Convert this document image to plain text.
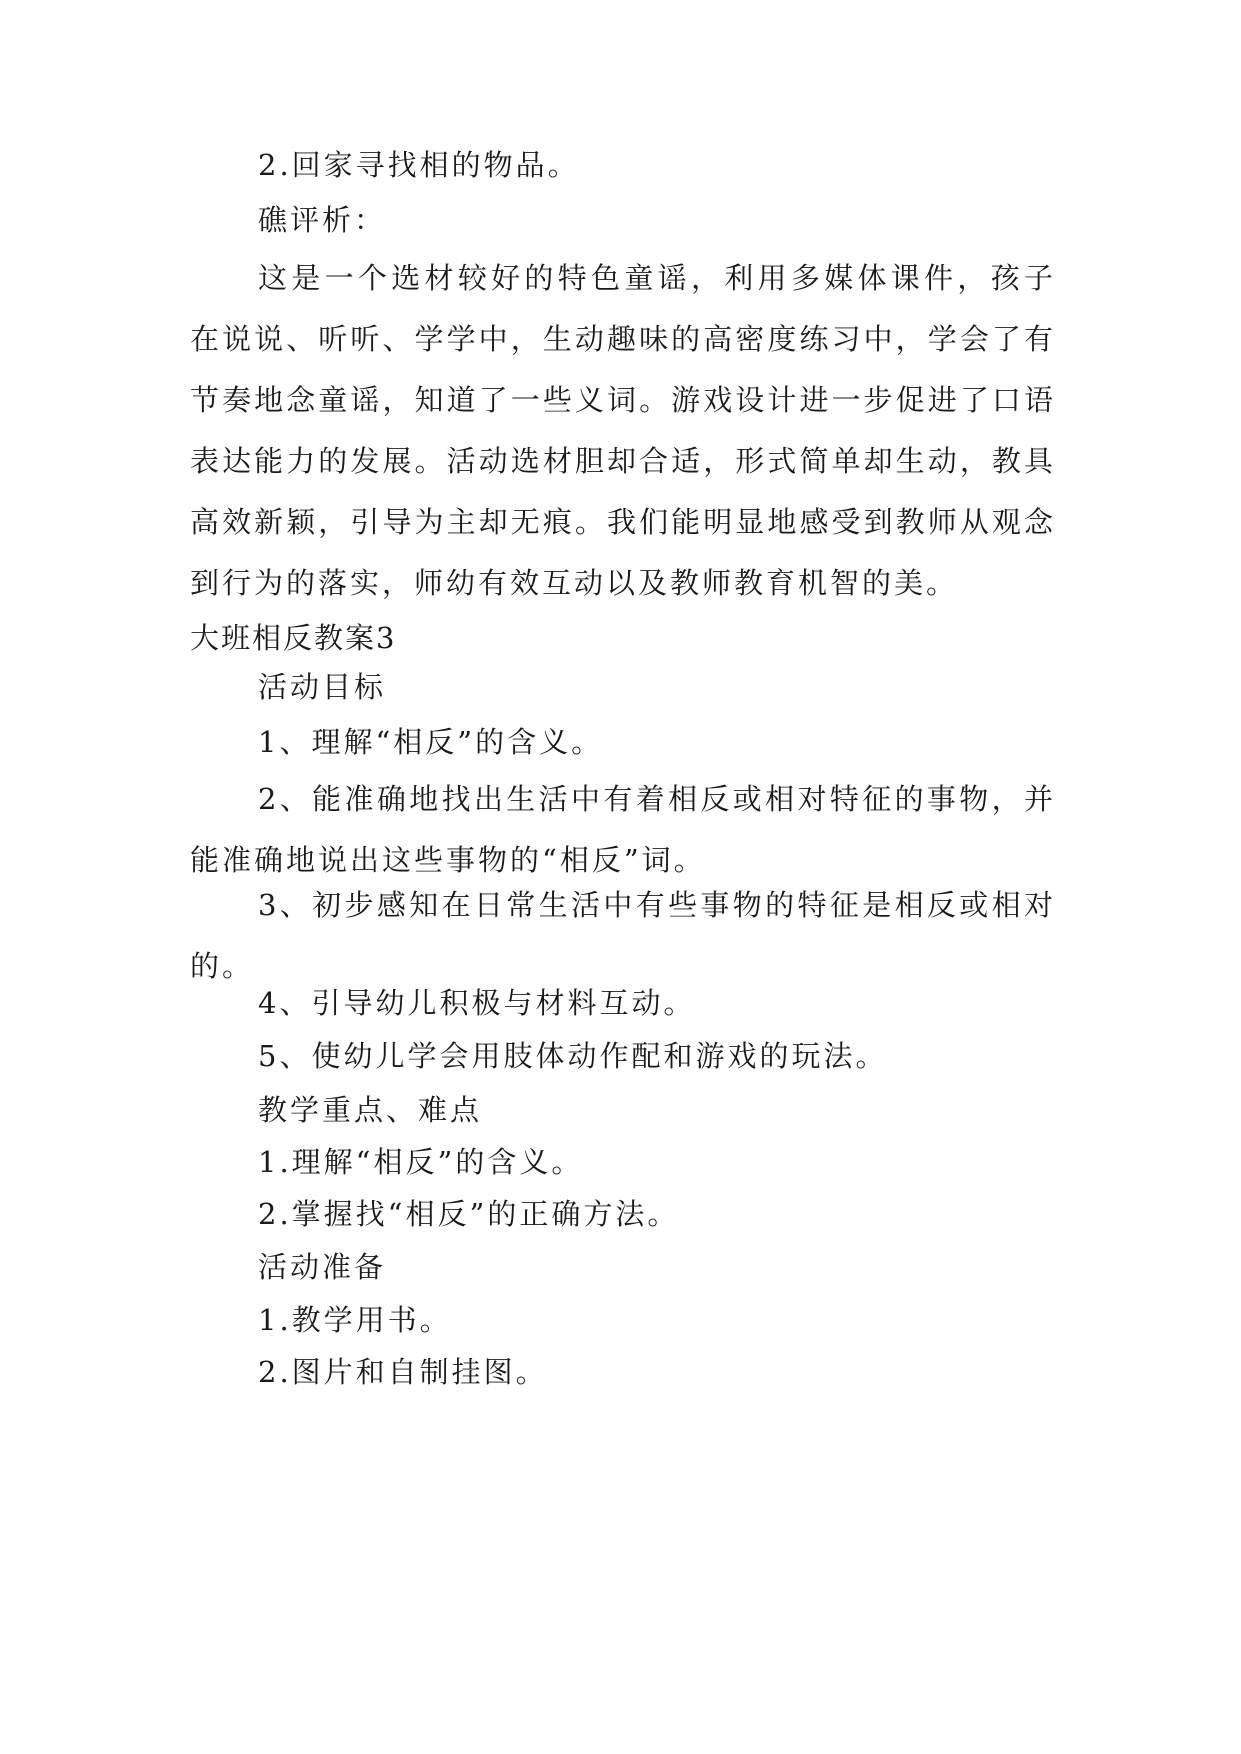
2.回家寻找相的物品。

礁评析：

这是一个选材较好的特色童谣，利用多媒体课件，孩子在说说、听听、学学中，生动趣味的高密度练习中，学会了有节奏地念童谣，知道了一些义词。游戏设计进一步促进了口语表达能力的发展。活动选材胆却合适，形式简单却生动，教具高效新颖，引导为主却无痕。我们能明显地感受到教师从观念到行为的落实，师幼有效互动以及教师教育机智的美。

大班相反教案3

活动目标

1、理解“相反”的含义。

2、能准确地找出生活中有着相反或相对特征的事物，并能准确地说出这些事物的“相反”词。

3、初步感知在日常生活中有些事物的特征是相反或相对的。

4、引导幼儿积极与材料互动。

5、使幼儿学会用肢体动作配和游戏的玩法。

教学重点、难点

1.理解“相反”的含义。

2.掌握找“相反”的正确方法。

活动准备

1.教学用书。

2.图片和自制挂图。
